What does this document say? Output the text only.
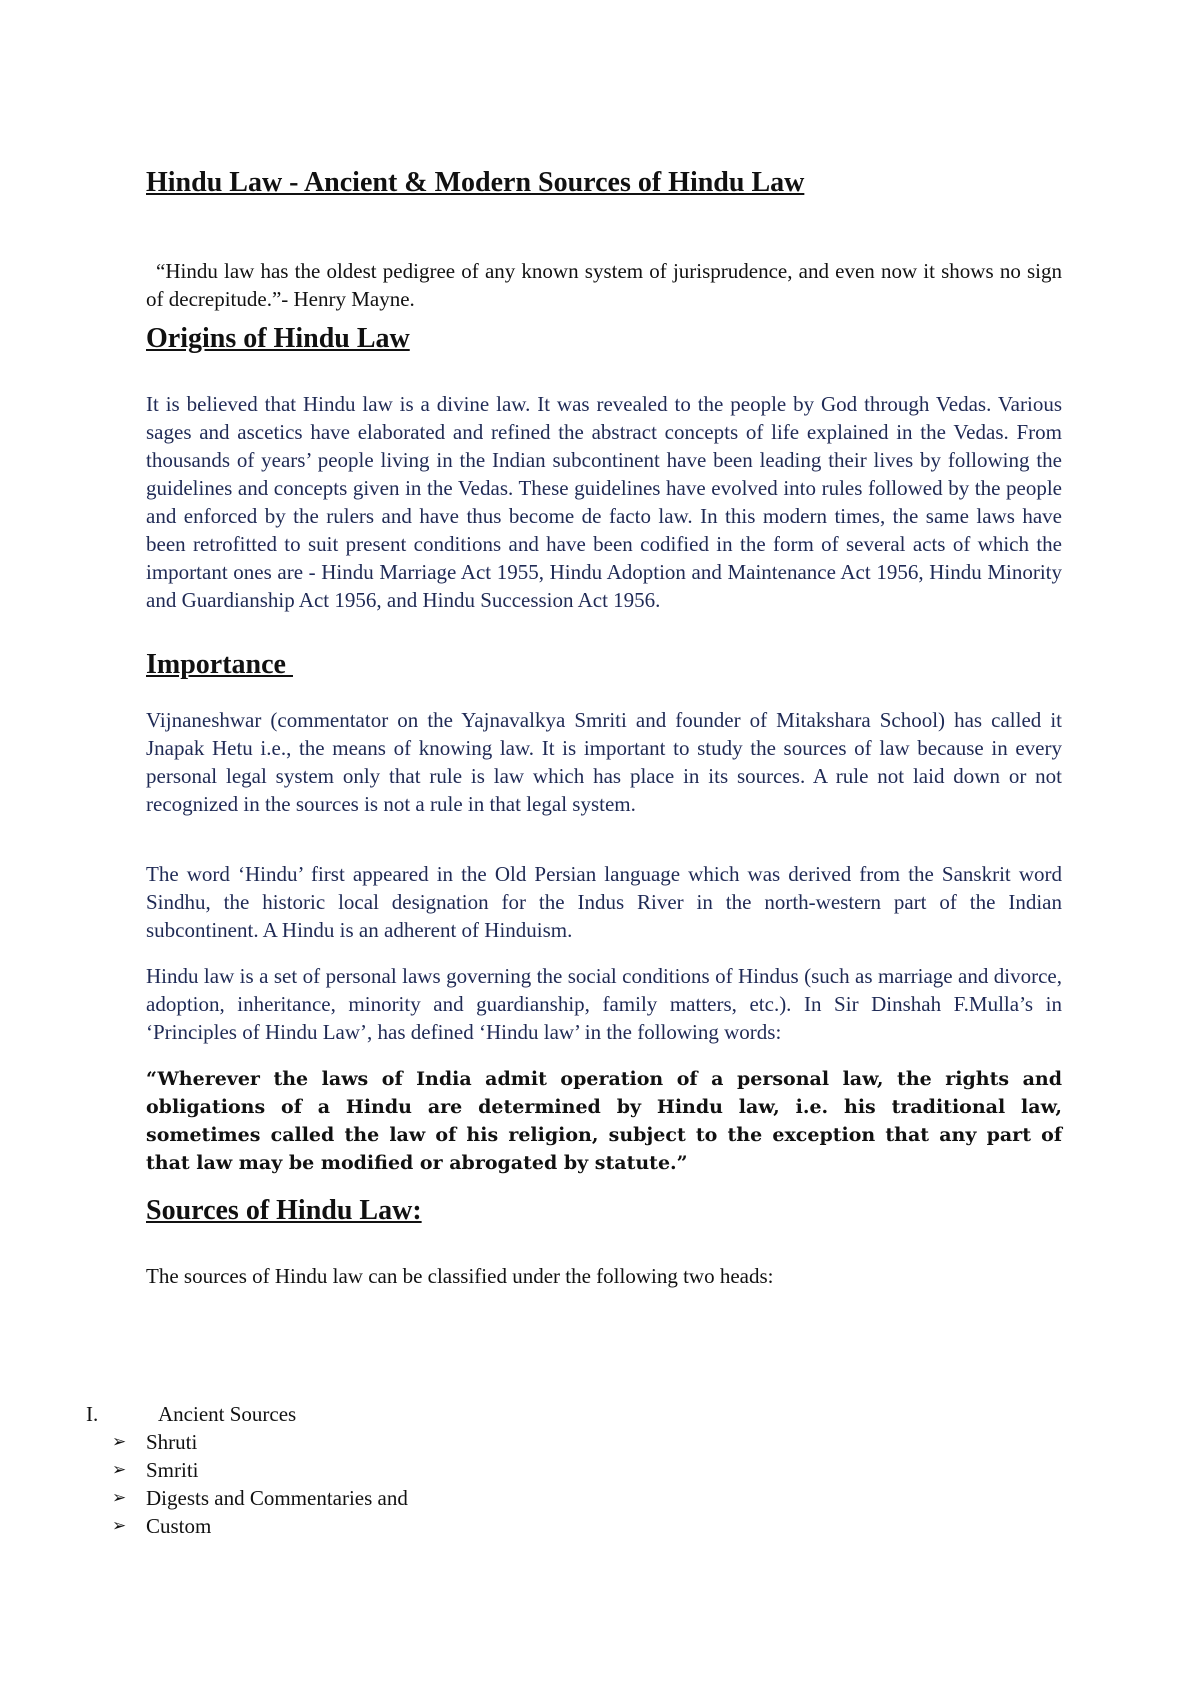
Hindu Law - Ancient & Modern Sources of Hindu Law

“Hindu law has the oldest pedigree of any known system of jurisprudence, and even now it shows no sign of decrepitude.”- Henry Mayne.

Origins of Hindu Law

It is believed that Hindu law is a divine law. It was revealed to the people by God through Vedas. Various sages and ascetics have elaborated and refined the abstract concepts of life explained in the Vedas. From thousands of years’ people living in the Indian subcontinent have been leading their lives by following the guidelines and concepts given in the Vedas. These guidelines have evolved into rules followed by the people and enforced by the rulers and have thus become de facto law. In this modern times, the same laws have been retrofitted to suit present conditions and have been codified in the form of several acts of which the important ones are - Hindu Marriage Act 1955, Hindu Adoption and Maintenance Act 1956, Hindu Minority and Guardianship Act 1956, and Hindu Succession Act 1956.

Importance

Vijnaneshwar (commentator on the Yajnavalkya Smriti and founder of Mitakshara School) has called it Jnapak Hetu i.e., the means of knowing law. It is important to study the sources of law because in every personal legal system only that rule is law which has place in its sources. A rule not laid down or not recognized in the sources is not a rule in that legal system.

The word ‘Hindu’ first appeared in the Old Persian language which was derived from the Sanskrit word Sindhu, the historic local designation for the Indus River in the north-western part of the Indian subcontinent. A Hindu is an adherent of Hinduism.

Hindu law is a set of personal laws governing the social conditions of Hindus (such as marriage and divorce, adoption, inheritance, minority and guardianship, family matters, etc.). In Sir Dinshah F.Mulla’s in ‘Principles of Hindu Law’, has defined ‘Hindu law’ in the following words:

“Wherever the laws of India admit operation of a personal law, the rights and obligations of a Hindu are determined by Hindu law, i.e. his traditional law, sometimes called the law of his religion, subject to the exception that any part of that law may be modified or abrogated by statute.”

Sources of Hindu Law:

The sources of Hindu law can be classified under the following two heads:

I.	Ancient Sources
➢ Shruti
➢ Smriti
➢ Digests and Commentaries and
➢ Custom
